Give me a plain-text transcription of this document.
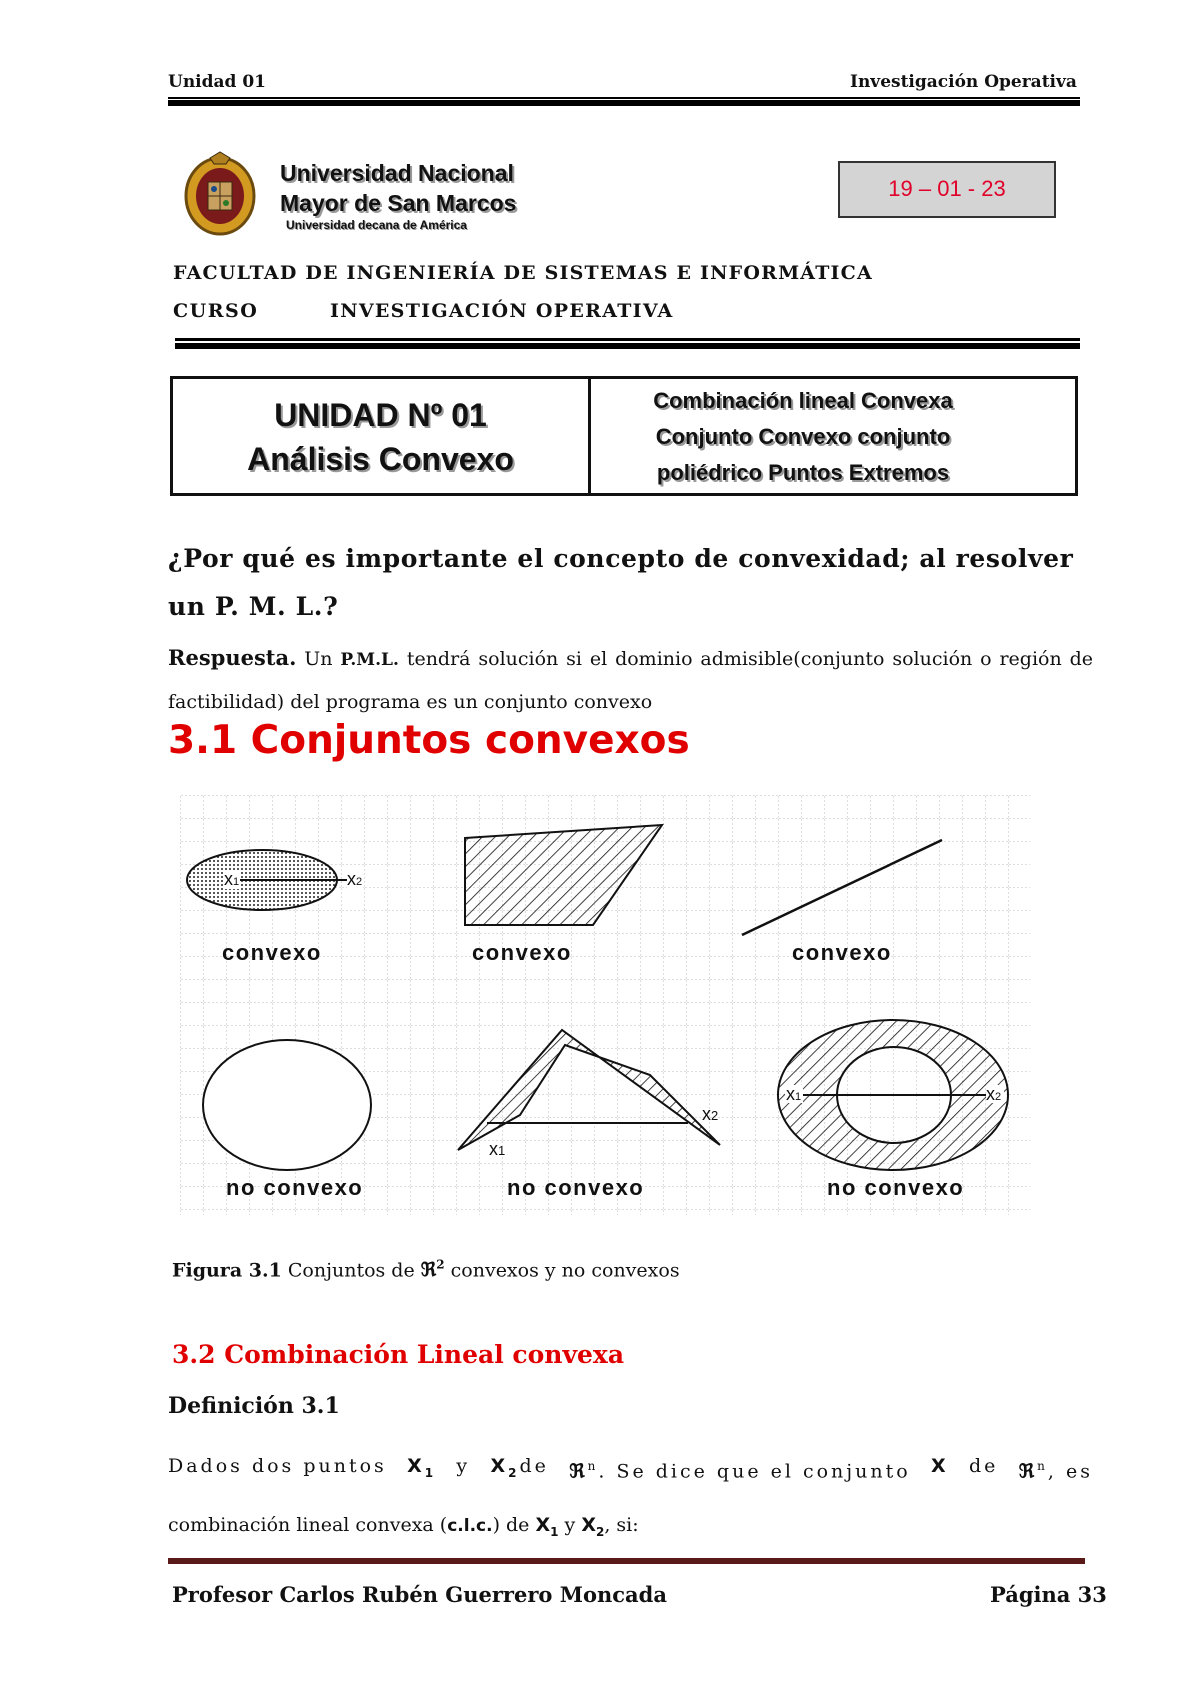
Unidad 01	Investigación Operativa
Universidad Nacional
Mayor de San Marcos
Universidad decana de América
19 – 01 - 23
FACULTAD DE INGENIERÍA DE SISTEMAS E INFORMÁTICA
CURSO	INVESTIGACIÓN OPERATIVA
UNIDAD Nº 01
Análisis Convexo
Combinación lineal Convexa
Conjunto Convexo conjunto
poliédrico Puntos Extremos
¿Por qué es importante el concepto de convexidad; al resolver un P. M. L.?
Respuesta. Un P.M.L. tendrá solución si el dominio admisible(conjunto solución o región de factibilidad) del programa es un conjunto convexo
3.1 Conjuntos convexos
x1	x2
convexo	convexo	convexo
x1
x2
x1	x2
no convexo	no convexo	no convexo
Figura 3.1 Conjuntos de ℜ$^2$ convexos y no convexos
3.2 Combinación Lineal convexa
Definición 3.1
Dados dos puntos $X_1$ y $X_2de$ ℜ$^n$. Se dice que el conjunto X de ℜ$^n$, es
combinación lineal convexa (c.l.c.) de $X_1$ y $X_2$, si:
Profesor Carlos Rubén Guerrero Moncada	Página 33
